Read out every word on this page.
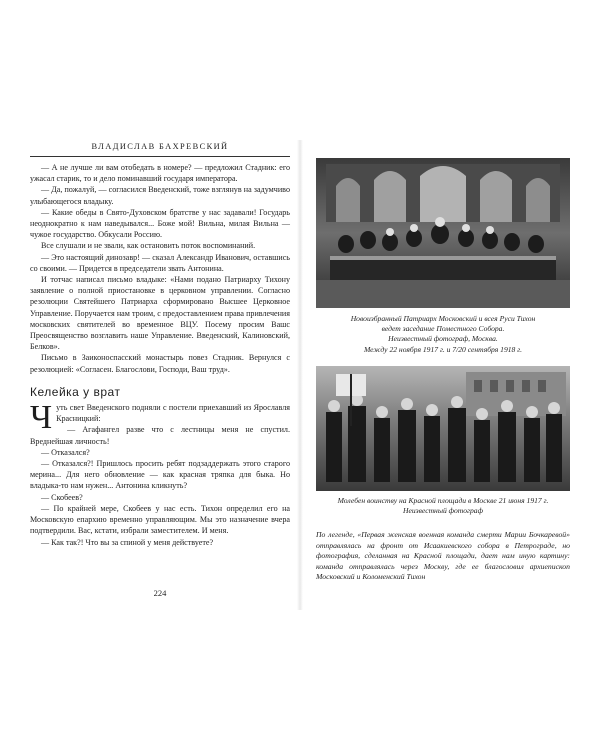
ВЛАДИСЛАВ БАХРЕВСКИЙ

— А не лучше ли вам отобедать в номере? — предложил Стадник: его ужасал старик, то и дело поминавший государя императора.

— Да, пожалуй, — согласился Введенский, тоже взглянув на задумчиво улыбающегося владыку.

— Какие обеды в Свято-Духовском братстве у нас задавали! Государь неоднократно к нам наведывался... Боже мой! Вильна, милая Вильна — чужое государство. Обкусали Россию.

Все слушали и не звали, как остановить поток воспоминаний.

— Это настоящий динозавр! — сказал Александр Иванович, оставшись со своими. — Придется в председатели звать Антонина.

И тотчас написал письмо владыке: «Нами подано Патриарху Тихону заявление о полной приостановке в церковном управлении. Согласно резолюции Святейшего Патриарха сформировано Высшее Церковное Управление. Поручается нам троим, с предоставлением права привлечения московских святителей во временное ВЦУ. Посему просим Вашс Преосвященство возглавить наше Управление. Введенский, Калиновский, Белков».

Письмо в Заиконоспасский монастырь повез Стадник. Вернулся с резолюцией: «Согласен. Благослови, Господи, Ваш труд».

Келейка у врат

Чуть свет Введенского подняли с постели приехавший из Ярославля Красницкий:

— Агафангел разве что с лестницы меня не спустил. Вреднейшая личность!

— Отказался?

— Отказался?! Пришлось просить ребят подзаддержать этого старого мерина... Для него обновление — как красная тряпка для быка. Но владыка-то нам нужен... Антонина кликнуть?

— Скобеев?

— По крайней мере, Скобеев у нас есть. Тихон определил его на Московскую епархию временно управляющим. Мы это назначение вчера подтвердили. Вас, кстати, избрали заместителем. И меня.

— Как так?! Что вы за спиной у меня действуете?

224
Новоизбранный Патриарх Московский и всея Руси Тихон
ведет заседание Поместного Собора.
Неизвестный фотограф, Москва.
Между 22 ноября 1917 г. и 7/20 сентября 1918 г.
Молебен воинству на Красной площади в Москве 21 июня 1917 г.
Неизвестный фотограф
По легенде, «Первая женская военная команда смерти Марии Бочкаревой» отправлялась на фронт от Исаакиевского собора в Петрограде, но фотография, сделанная на Красной площади, дает нам иную картину: команда отправлялась через Москву, где ее благословил архиепископ Московский и Коломенский Тихон
